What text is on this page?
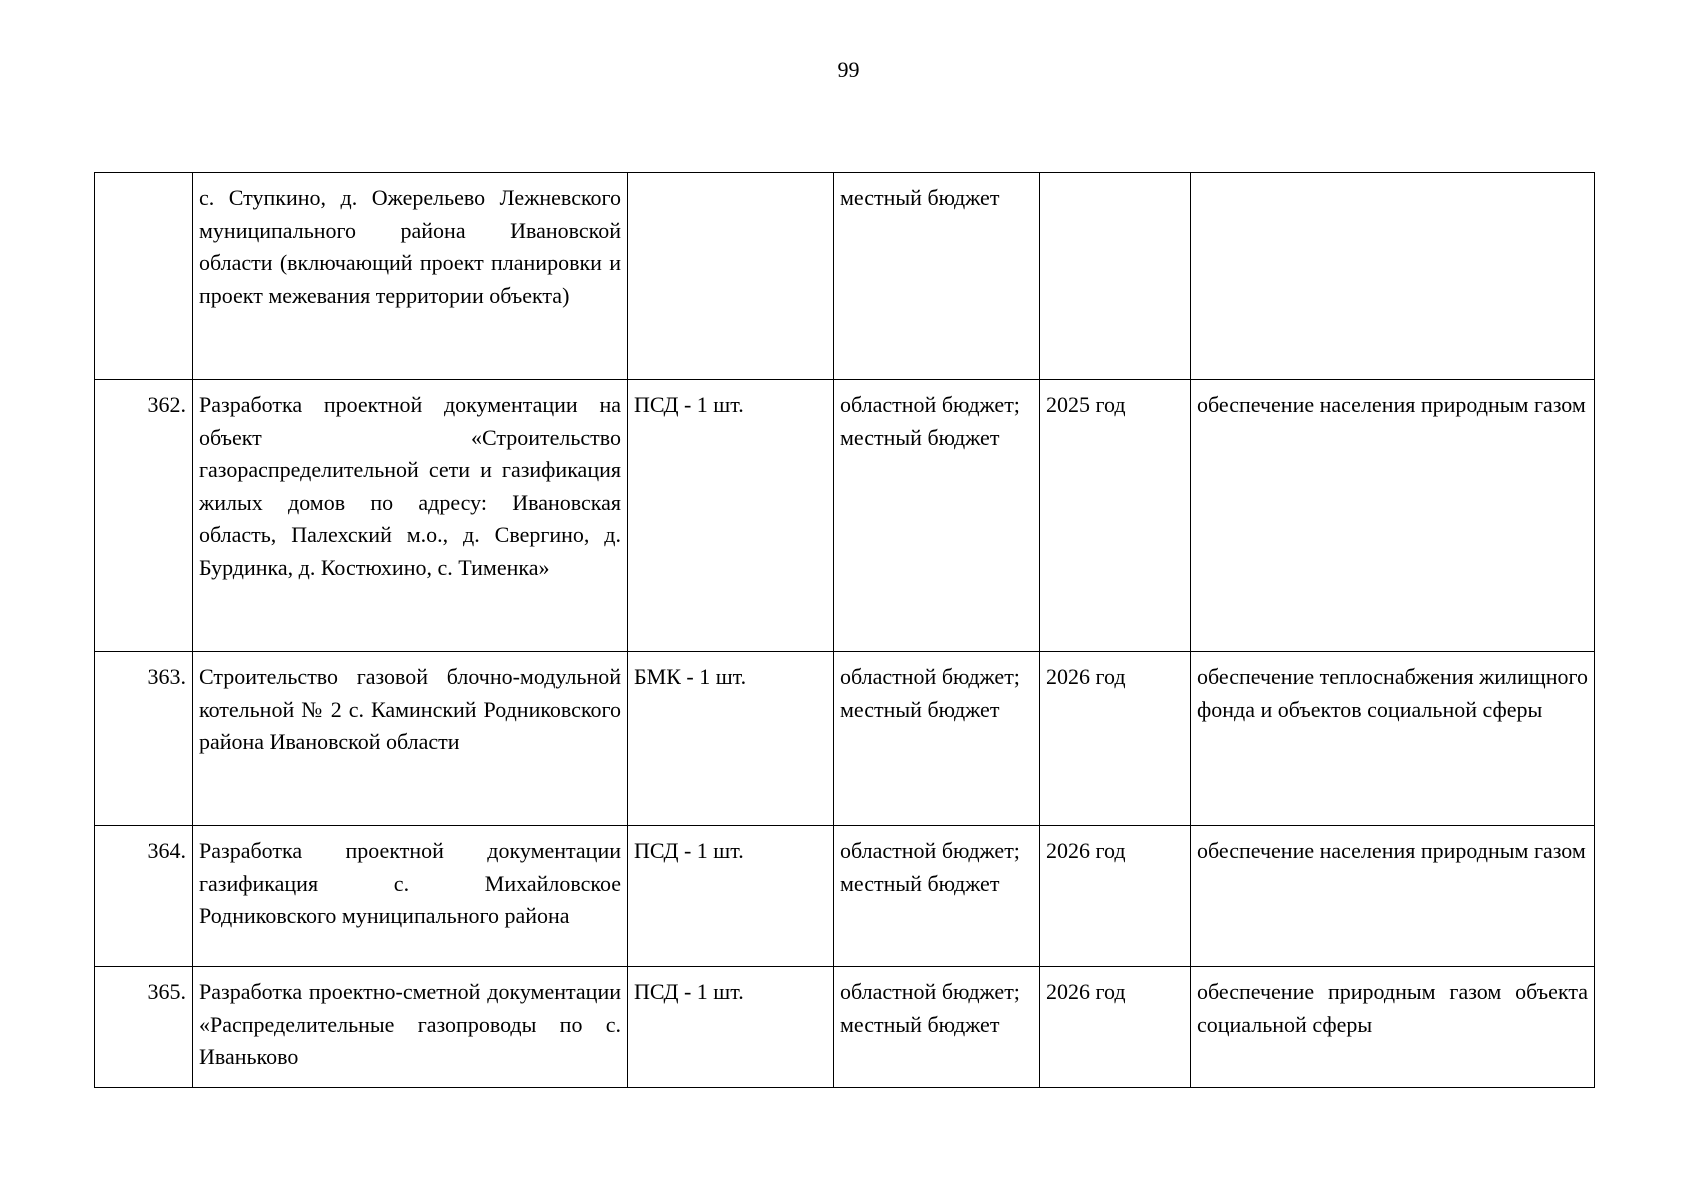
99
	с. Ступкино, д. Ожерельево Лежневского муниципального района Ивановской области (включающий проект планировки и проект межевания территории объекта)		местный бюджет		
362.	Разработка проектной документации на объект «Строительство газораспределительной сети и газификация жилых домов по адресу: Ивановская область, Палехский м.о., д. Свергино, д. Бурдинка, д. Костюхино, с. Тименка»	ПСД - 1 шт.	областной бюджет; местный бюджет	2025 год	обеспечение населения природным газом
363.	Строительство газовой блочно-модульной котельной № 2 с. Каминский Родниковского района Ивановской области	БМК - 1 шт.	областной бюджет; местный бюджет	2026 год	обеспечение теплоснабжения жилищного фонда и объектов социальной сферы
364.	Разработка проектной документации газификация с. Михайловское Родниковского муниципального района	ПСД - 1 шт.	областной бюджет; местный бюджет	2026 год	обеспечение населения природным газом
365.	Разработка проектно-сметной документации «Распределительные газопроводы по с. Иваньково	ПСД - 1 шт.	областной бюджет; местный бюджет	2026 год	обеспечение природным газом объекта социальной сферы
